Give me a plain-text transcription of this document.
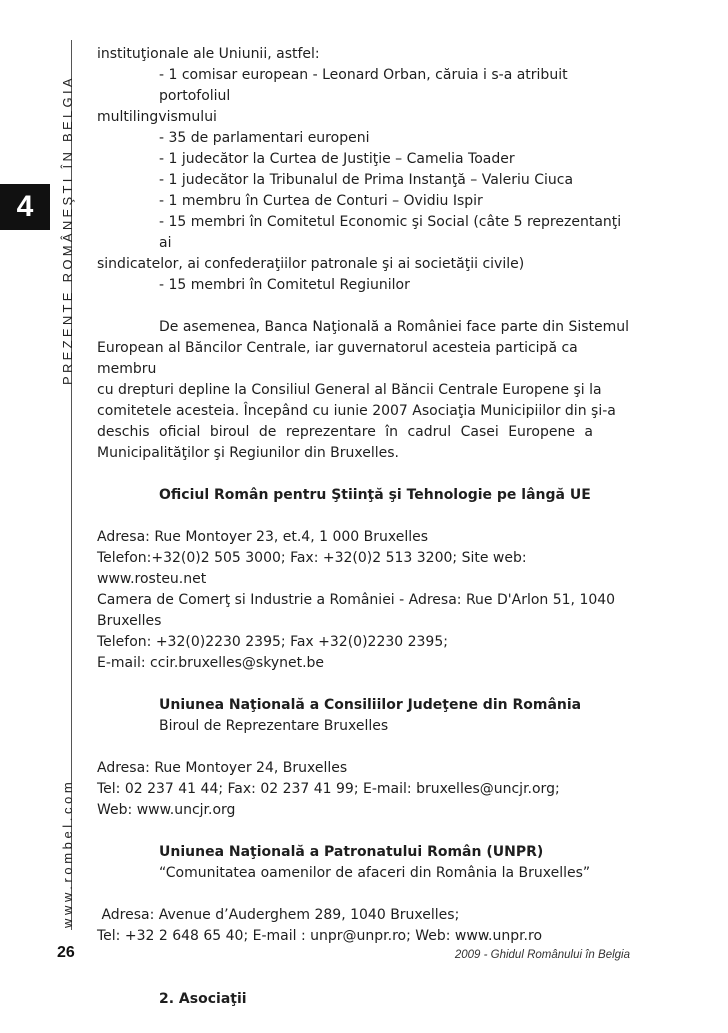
PREZENTE ROMÂNEŞTI ÎN BELGIA
4
www.rombel.com

instituţionale ale Uniunii, astfel:

- 1 comisar european - Leonard Orban, căruia i s-a atribuit portofoliul

multilingvismului

- 35 de parlamentari europeni

- 1 judecător la Curtea de Justiţie – Camelia Toader

- 1 judecător la Tribunalul de Prima Instanţă – Valeriu Ciuca

- 1 membru în Curtea de Conturi – Ovidiu Ispir

- 15 membri în Comitetul Economic şi Social (câte 5 reprezentanţi ai

sindicatelor, ai confederaţiilor patronale şi ai societăţii civile)

- 15 membri în Comitetul Regiunilor

De asemenea, Banca Naţională a României face parte din Sistemul

European al Băncilor Centrale, iar guvernatorul acesteia participă ca membru

cu drepturi depline la Consiliul General al Băncii Centrale Europene şi la

comitetele acesteia. Începând cu iunie 2007 Asociaţia Municipiilor din şi-a

deschis oficial biroul de reprezentare în cadrul Casei Europene a

Municipalităţilor şi Regiunilor din Bruxelles.

Oficiul Român pentru Ştiinţă şi Tehnologie pe lângă UE

Adresa: Rue Montoyer 23, et.4, 1 000 Bruxelles

Telefon:+32(0)2 505 3000; Fax: +32(0)2 513 3200; Site web: www.rosteu.net

Camera de Comerţ si Industrie a României - Adresa: Rue D'Arlon 51, 1040

Bruxelles

Telefon: +32(0)2230 2395; Fax +32(0)2230 2395;

E-mail: ccir.bruxelles@skynet.be

Uniunea Naţională a Consiliilor Judeţene din România

Biroul de Reprezentare Bruxelles

Adresa: Rue Montoyer 24, Bruxelles

Tel: 02 237 41 44; Fax: 02 237 41 99; E-mail: bruxelles@uncjr.org;

Web: www.uncjr.org

Uniunea Naţională a Patronatului Român (UNPR)

“Comunitatea oamenilor de afaceri din România la Bruxelles”

Adresa: Avenue d’Auderghem 289, 1040 Bruxelles;

Tel: +32 2 648 65 40; E-mail : unpr@unpr.ro; Web: www.unpr.ro

2. Asociaţii

26	2009 - Ghidul Românului în Belgia
